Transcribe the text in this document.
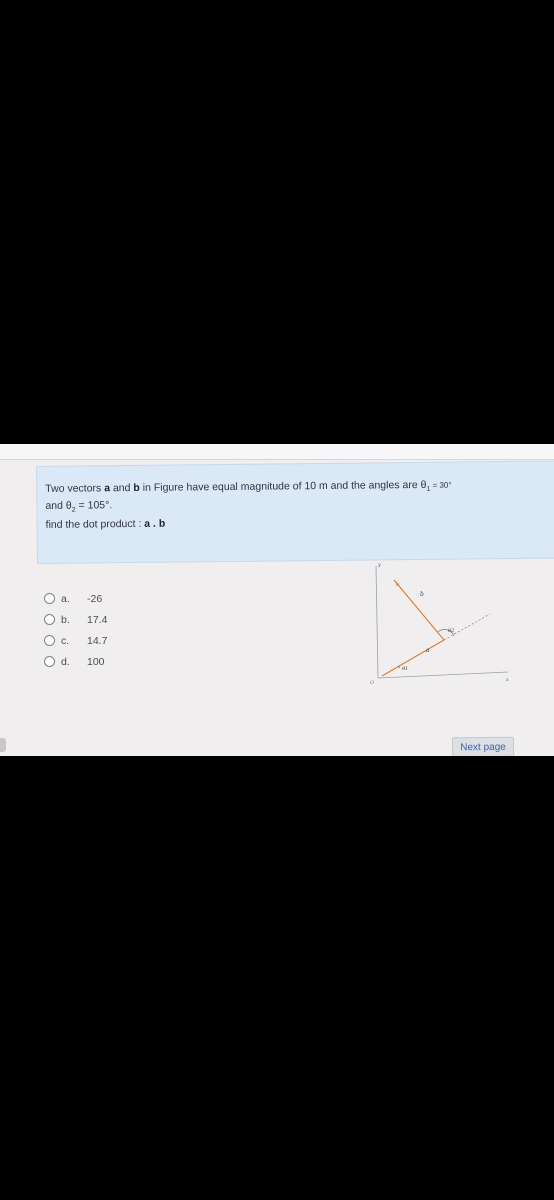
Two vectors a and b in Figure have equal magnitude of 10 m and the angles are $\theta_1 = 30^\circ$
and $\theta_2 = 105^\circ$.
find the dot product : a . b
a.	-26
b.	17.4
c.	14.7
d.	100
y
x
O
b
b
a
θ1
θ2
Next page
